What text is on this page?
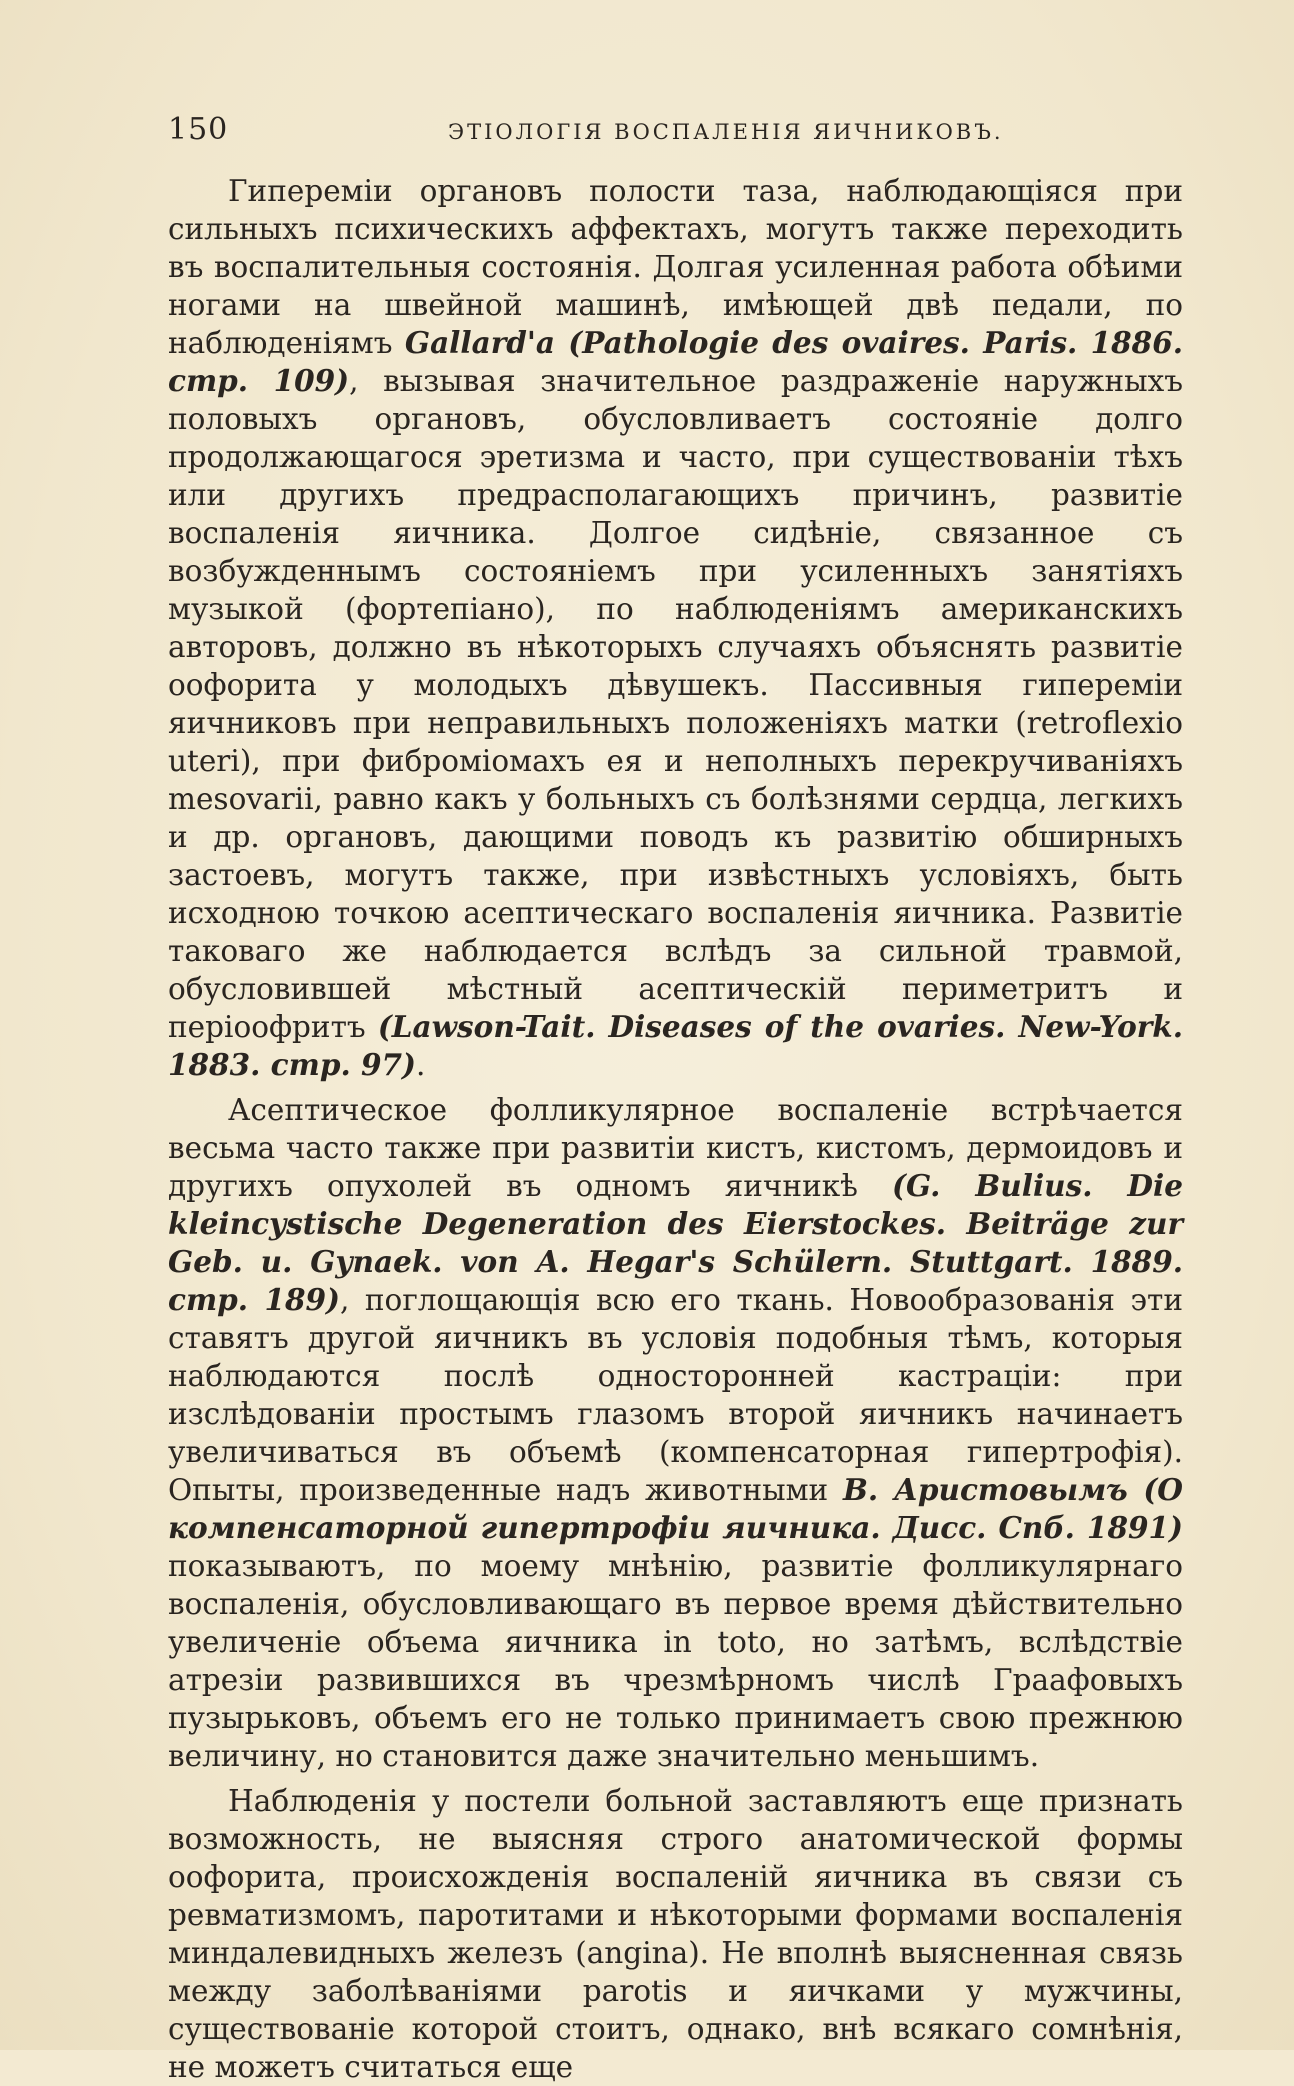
150	ЭТІОЛОГІЯ ВОСПАЛЕНІЯ ЯИЧНИКОВЪ.

Гипереміи органовъ полости таза, наблюдающіяся при сильныхъ психическихъ аффектахъ, могутъ также переходить въ воспалительныя состоянія. Долгая усиленная работа обѣими ногами на швейной машинѣ, имѣющей двѣ педали, по наблюденіямъ Gallard'а (Pathologie des ovaires. Paris. 1886. стр. 109), вызывая значительное раздраженіе наружныхъ половыхъ органовъ, обусловливаетъ состояніе долго продолжающагося эретизма и часто, при существованіи тѣхъ или другихъ предрасполагающихъ причинъ, развитіе воспаленія яичника. Долгое сидѣніе, связанное съ возбужденнымъ состояніемъ при усиленныхъ занятіяхъ музыкой (фортепіано), по наблюденіямъ американскихъ авторовъ, должно въ нѣкоторыхъ случаяхъ объяснять развитіе оофорита у молодыхъ дѣвушекъ. Пассивныя гипереміи яичниковъ при неправильныхъ положеніяхъ матки (retroflexio uteri), при фибромiомахъ ея и неполныхъ перекручиваніяхъ mesovarii, равно какъ у больныхъ съ болѣзнями сердца, легкихъ и др. органовъ, дающими поводъ къ развитію обширныхъ застоевъ, могутъ также, при извѣстныхъ условіяхъ, быть исходною точкою асептическаго воспаленія яичника. Развитіе таковаго же наблюдается вслѣдъ за сильной травмой, обусловившей мѣстный асептическій периметритъ и періоофритъ (Lawson-Tait. Diseases of the ovaries. New-York. 1883. стр. 97).

Асептическое фолликулярное воспаленіе встрѣчается весьма часто также при развитіи кистъ, кистомъ, дермоидовъ и другихъ опухолей въ одномъ яичникѣ (G. Bulius. Die kleincystische Degeneration des Eierstockes. Beiträge zur Geb. u. Gynaek. von A. Hegar's Schülern. Stuttgart. 1889. стр. 189), поглощающія всю его ткань. Новообразованія эти ставятъ другой яичникъ въ условія подобныя тѣмъ, которыя наблюдаются послѣ односторонней кастраціи: при изслѣдованіи простымъ глазомъ второй яичникъ начинаетъ увеличиваться въ объемѣ (компенсаторная гипертрофія). Опыты, произведенные надъ животными В. Аристовымъ (О компенсаторной гипертрофіи яичника. Дисс. Спб. 1891) показываютъ, по моему мнѣнію, развитіе фолликулярнаго воспаленія, обусловливающаго въ первое время дѣйствительно увеличеніе объема яичника in toto, но затѣмъ, вслѣдствіе атрезіи развившихся въ чрезмѣрномъ числѣ Граафовыхъ пузырьковъ, объемъ его не только принимаетъ свою прежнюю величину, но становится даже значительно меньшимъ.

Наблюденія у постели больной заставляютъ еще признать возможность, не выясняя строго анатомической формы оофорита, происхожденія воспаленій яичника въ связи съ ревматизмомъ, паротитами и нѣкоторыми формами воспаленія миндалевидныхъ железъ (angina). Не вполнѣ выясненная связь между заболѣваніями parotis и яичками у мужчины, существованіе которой стоитъ, однако, внѣ всякаго сомнѣнія, не можетъ считаться еще
